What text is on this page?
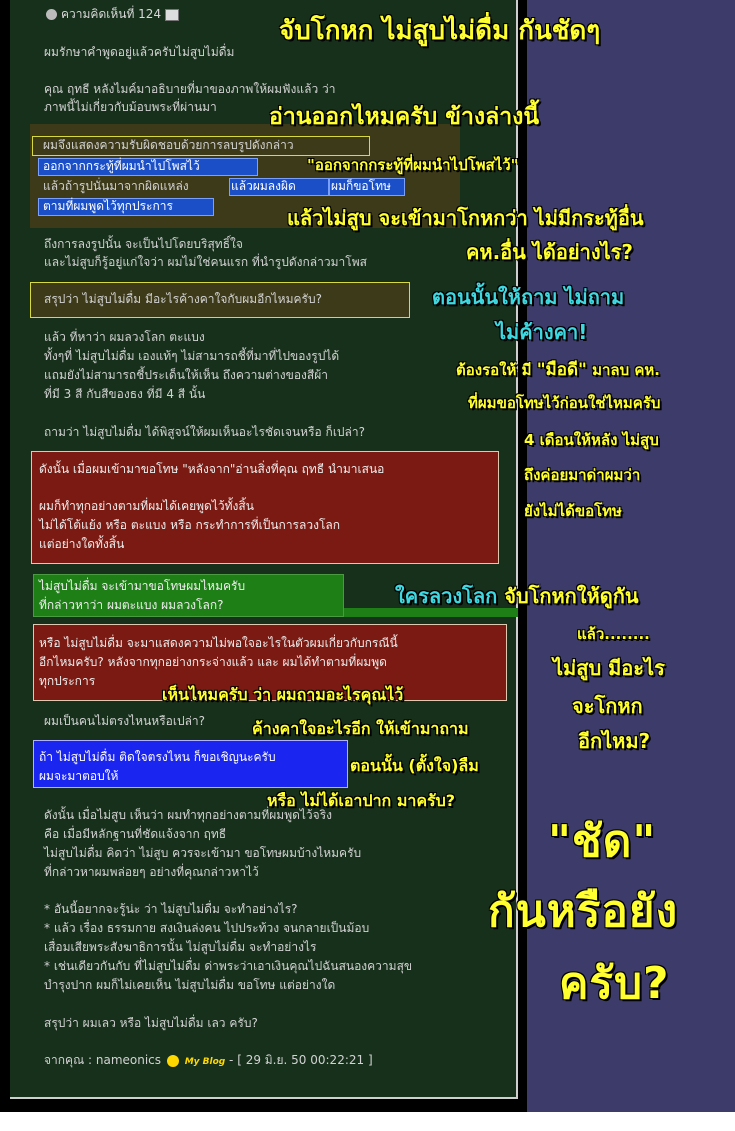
ความคิดเห็นที่ 124
ผมรักษาคำพูดอยู่แล้วครับไม่สูบไม่ดื่ม
คุณ ฤทธี หลังไมค์มาอธิบายที่มาของภาพให้ผมฟังแล้ว ว่า
ภาพนี้ไม่เกี่ยวกับม้อบพระที่ผ่านมา
ผมจึงแสดงความรับผิดชอบด้วยการลบรูปดังกล่าว
ออกจากกระทู้ที่ผมนำไปโพสไว้
แล้วถ้ารูปนั่นมาจากผิดแหล่ง	แล้วผมลงผิด	ผมก็ขอโทษ
ตามที่ผมพูดไว้ทุกประการ
ถึงการลงรูปนั้น จะเป็นไปโดยบริสุทธิ์ใจ
และไม่สูบก็รู้อยู่แก่ใจว่า ผมไม่ใช่คนแรก ที่นำรูปดังกล่าวมาโพส
สรุปว่า ไม่สูบไม่ดื่ม มีอะไรค้างคาใจกับผมอีกไหมครับ?
แล้ว ที่หาว่า ผมลวงโลก ตะแบง
ทั้งๆที่ ไม่สูบไม่ดื่ม เองแท้ๆ ไม่สามารถชี้ที่มาที่ไปของรูปได้
แถมยังไม่สามารถชี้ประเด็นให้เห็น ถึงความต่างของสีผ้า
ที่มี 3 สี กับสีของธง ที่มี 4 สี นั้น
ถามว่า ไม่สูบไม่ดื่ม ได้พิสูจน์ให้ผมเห็นอะไรชัดเจนหรือ ก็เปล่า?
ดังนั้น เมื่อผมเข้ามาขอโทษ "หลังจาก"อ่านสิ่งที่คุณ ฤทธี นำมาเสนอ
ผมก็ทำทุกอย่างตามที่ผมได้เคยพูดไว้ทั้งสิ้น
ไม่ได้โต้แย้ง หรือ ตะแบง หรือ กระทำการที่เป็นการลวงโลก
แต่อย่างใดทั้งสิ้น
ไม่สูบไม่ดื่ม จะเข้ามาขอโทษผมไหมครับ
ที่กล่าวหาว่า ผมตะแบง ผมลวงโลก?
หรือ ไม่สูบไม่ดื่ม จะมาแสดงความไม่พอใจอะไรในตัวผมเกี่ยวกับกรณีนี้
อีกไหมครับ? หลังจากทุกอย่างกระจ่างแล้ว และ ผมได้ทำตามที่ผมพูด
ทุกประการ
ผมเป็นคนไม่ตรงไหนหรือเปล่า?
ถ้า ไม่สูบไม่ดื่ม ติดใจตรงไหน ก็ขอเชิญนะครับ
ผมจะมาตอบให้
ดังนั้น เมื่อไม่สูบ เห็นว่า ผมทำทุกอย่างตามที่ผมพูดไว้จริง
คือ เมื่อมีหลักฐานที่ชัดแจ้งจาก ฤทธี
ไม่สูบไม่ดื่ม คิดว่า ไม่สูบ ควรจะเข้ามา ขอโทษผมบ้างไหมครับ
ที่กล่าวหาผมพล่อยๆ อย่างที่คุณกล่าวหาไว้
* อันนี้อยากจะรู้น่ะ ว่า ไม่สูบไม่ดื่ม จะทำอย่างไร?
* แล้ว เรื่อง ธรรมกาย สงเงินล่งคน ไปประท้วง จนกลายเป็นม้อบ
เสื่อมเสียพระสังฆาธิการนั้น ไม่สูบไม่ดื่ม จะทำอย่างไร
* เช่นเดียวกันกับ ที่ไม่สูบไม่ดื่ม ด่าพระว่าเอาเงินคุณไปฉันสนองความสุข
บำรุงปาก ผมก็ไม่เคยเห็น ไม่สูบไม่ดื่ม ขอโทษ แต่อย่างใด
สรุปว่า ผมเลว หรือ ไม่สูบไม่ดื่ม เลว ครับ?
จากคุณ : nameonics	My Blog - [ 29 มิ.ย. 50 00:22:21 ]
จับโกหก ไม่สูบไม่ดื่ม กันชัดๆ
อ่านออกไหมครับ ข้างล่างนี้
"ออกจากกระทู้ที่ผมนำไปโพสไว้"
แล้วไม่สูบ จะเข้ามาโกหกว่า ไม่มีกระทู้อื่น
คห.อื่น ได้อย่างไร?
ตอนนั้นให้ถาม ไม่ถาม
ไม่ค้างคา!
ต้องรอให้ มี "มือดี" มาลบ คห.
ที่ผมขอโทษไว้ก่อนใช่ไหมครับ
4 เดือนให้หลัง ไม่สูบ
ถึงค่อยมาด่าผมว่า
ยังไม่ได้ขอโทษ
ใครลวงโลก จับโกหกให้ดูกัน
แล้ว........
ไม่สูบ มีอะไร
จะโกหก
อีกไหม?
เห็นไหมครับ ว่า ผมถามอะไรคุณไว้
ค้างคาใจอะไรอีก ให้เข้ามาถาม
ตอนนั้น (ตั้งใจ)ลืม
หรือ ไม่ได้เอาปาก มาครับ?
"ชัด"
กันหรือยัง
ครับ?
